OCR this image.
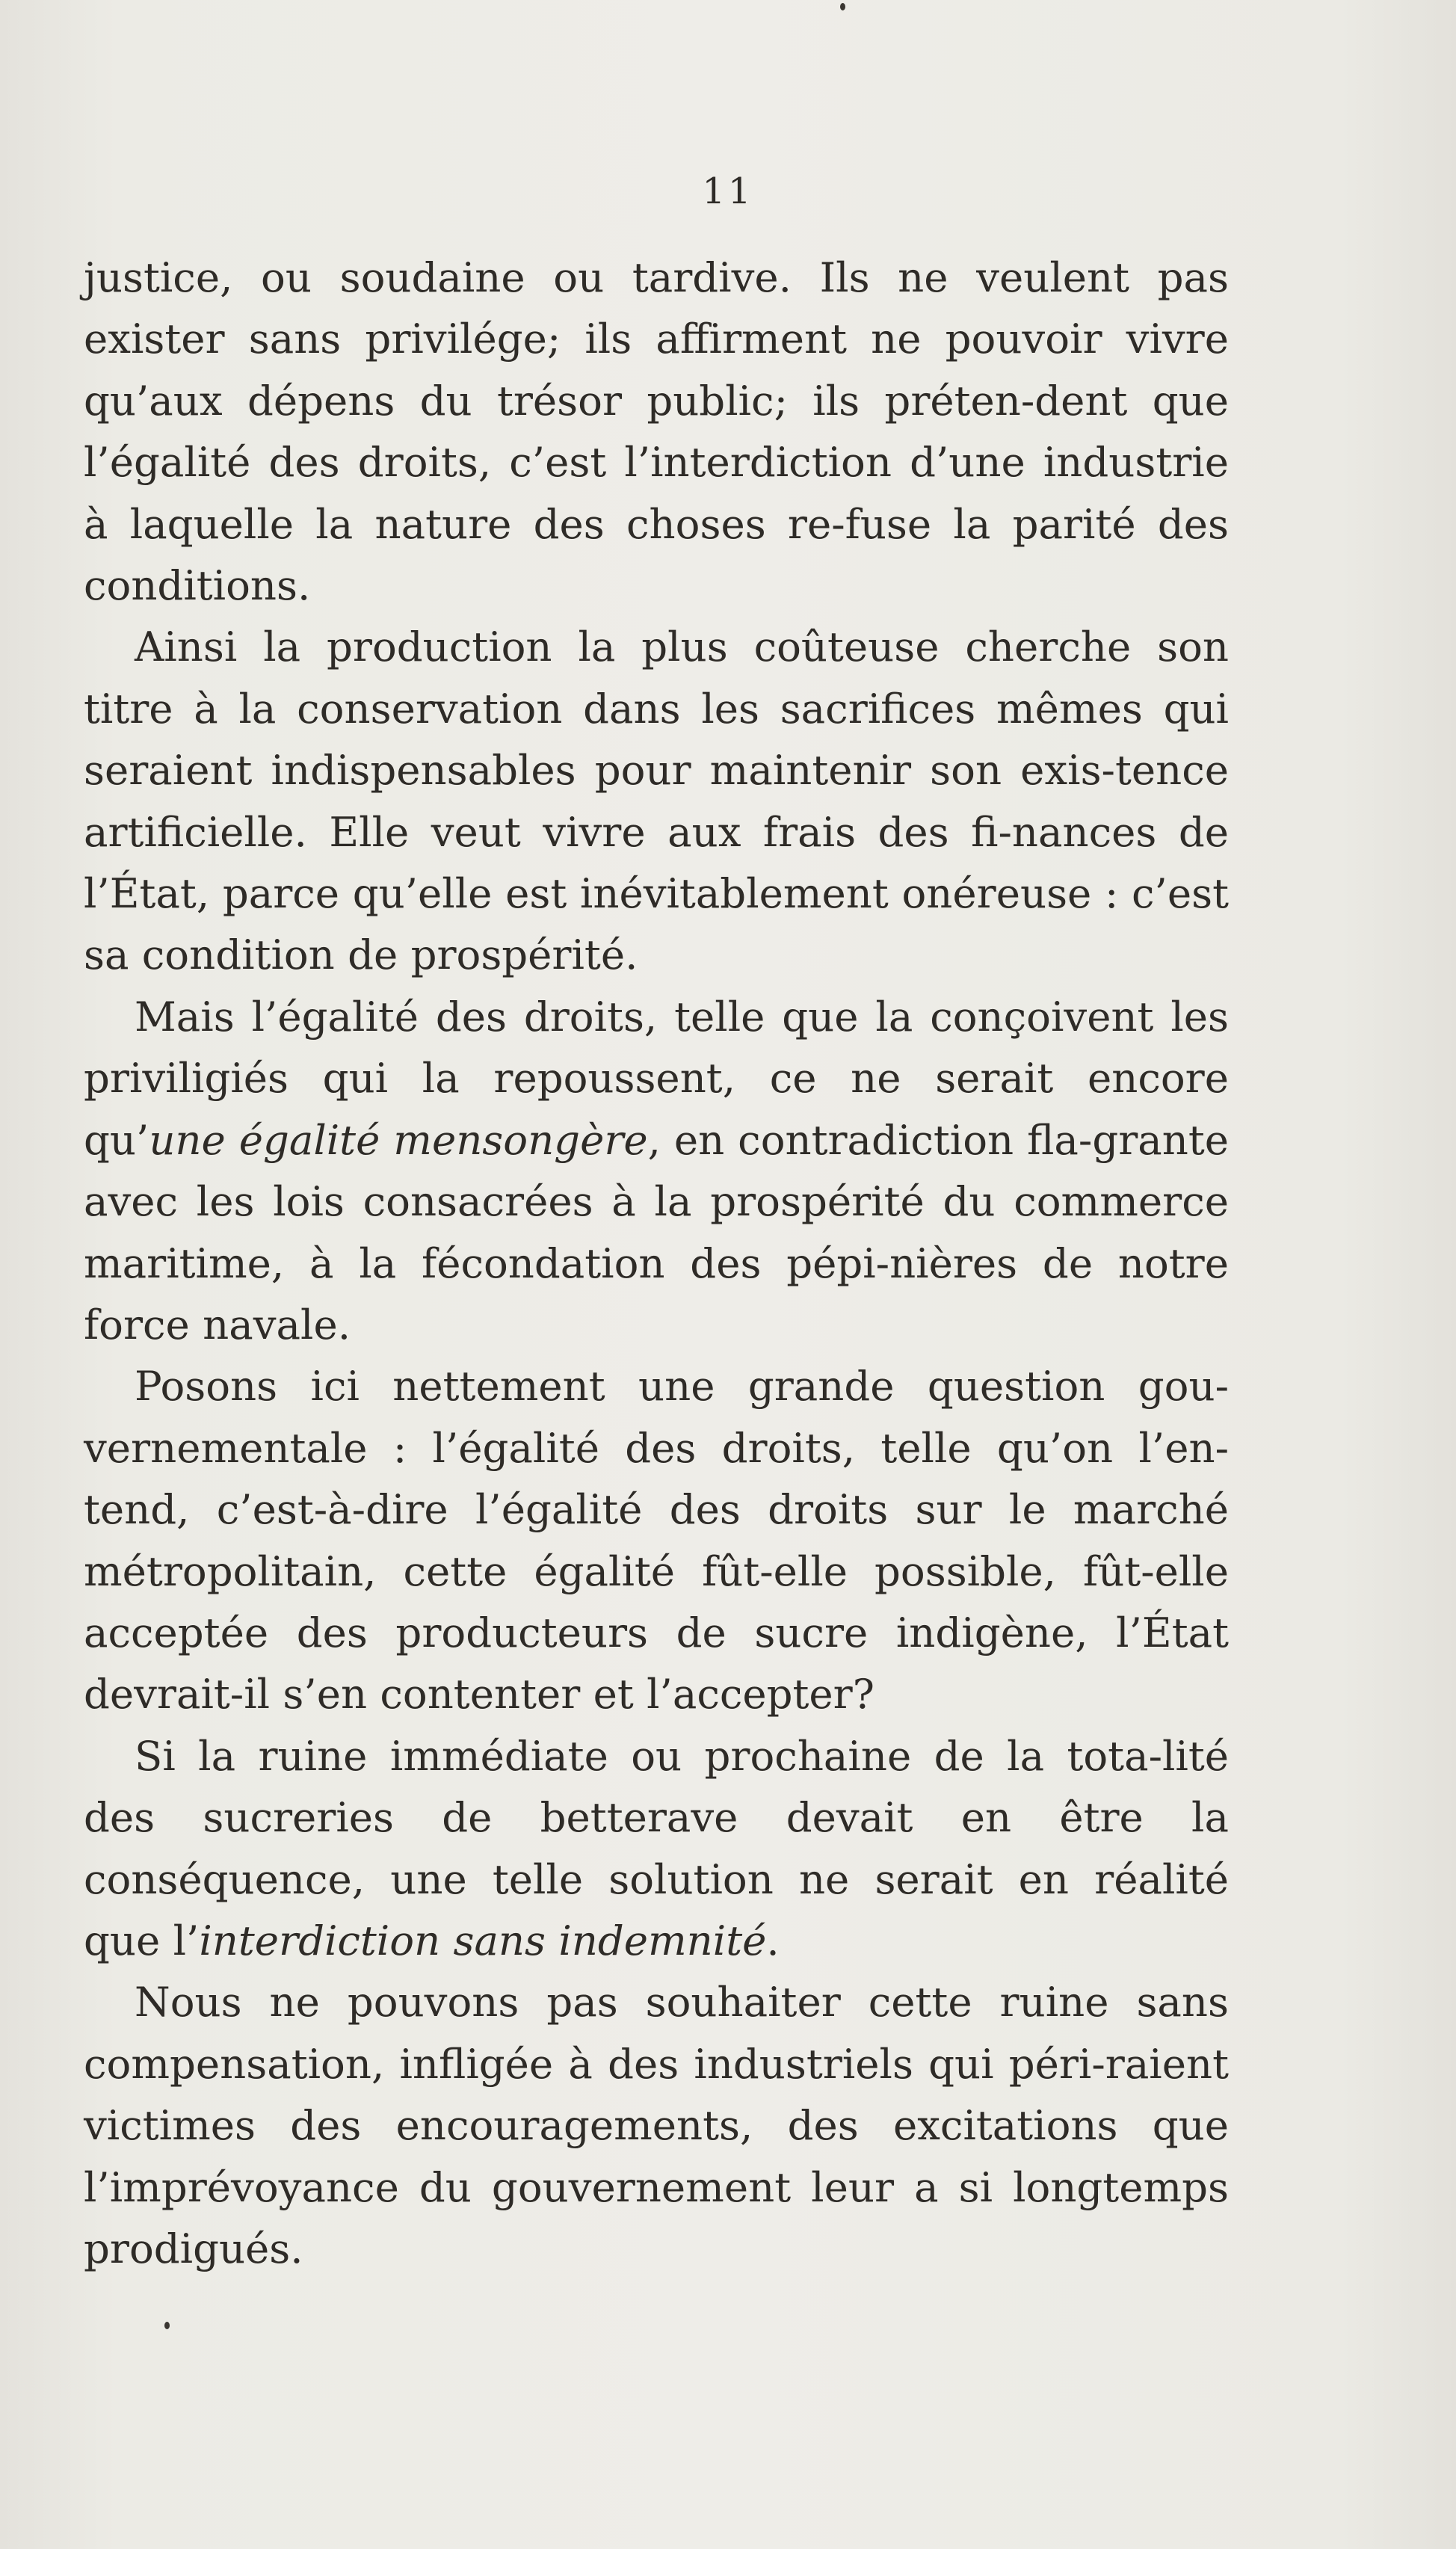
11

justice, ou soudaine ou tardive. Ils ne veulent pas exister sans privilége; ils affirment ne pouvoir vivre qu’aux dépens du trésor public; ils préten-dent que l’égalité des droits, c’est l’interdiction d’une industrie à laquelle la nature des choses re-fuse la parité des conditions.

Ainsi la production la plus coûteuse cherche son titre à la conservation dans les sacrifices mêmes qui seraient indispensables pour maintenir son exis-tence artificielle. Elle veut vivre aux frais des fi-nances de l’État, parce qu’elle est inévitablement onéreuse : c’est sa condition de prospérité.

Mais l’égalité des droits, telle que la conçoivent les priviligiés qui la repoussent, ce ne serait encore qu’une égalité mensongère, en contradiction fla-grante avec les lois consacrées à la prospérité du commerce maritime, à la fécondation des pépi-nières de notre force navale.

Posons ici nettement une grande question gou-vernementale : l’égalité des droits, telle qu’on l’en-tend, c’est-à-dire l’égalité des droits sur le marché métropolitain, cette égalité fût-elle possible, fût-elle acceptée des producteurs de sucre indigène, l’État devrait-il s’en contenter et l’accepter?

Si la ruine immédiate ou prochaine de la tota-lité des sucreries de betterave devait en être la conséquence, une telle solution ne serait en réalité que l’interdiction sans indemnité.

Nous ne pouvons pas souhaiter cette ruine sans compensation, infligée à des industriels qui péri-raient victimes des encouragements, des excitations que l’imprévoyance du gouvernement leur a si longtemps prodigués.
